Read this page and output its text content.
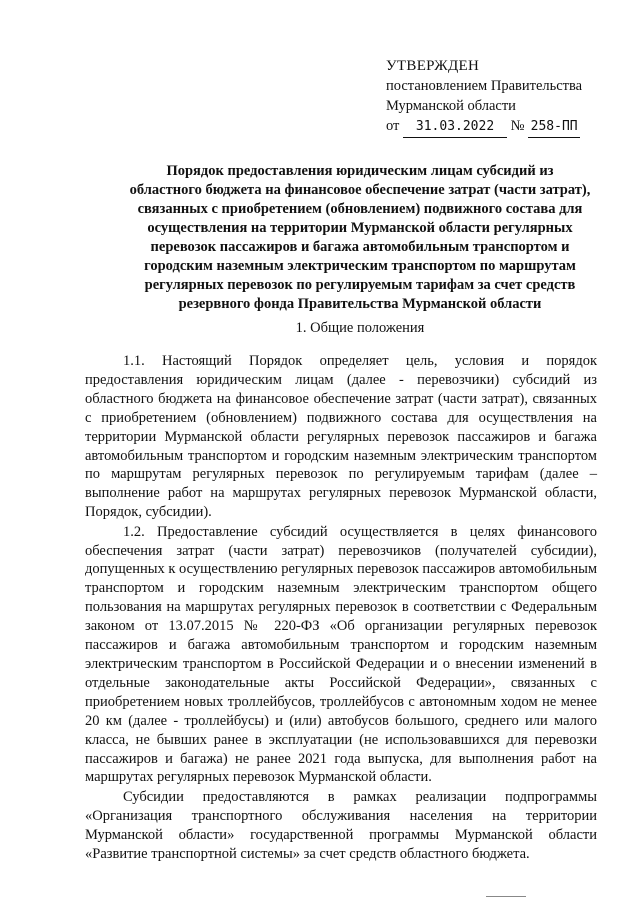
УТВЕРЖДЕН
постановлением Правительства
Мурманской области
от 31.03.2022 № 258-ПП
Порядок предоставления юридическим лицам субсидий из
областного бюджета на финансовое обеспечение затрат (части затрат),
связанных с приобретением (обновлением) подвижного состава для
осуществления на территории Мурманской области регулярных
перевозок пассажиров и багажа автомобильным транспортом и
городским наземным электрическим транспортом по маршрутам
регулярных перевозок по регулируемым тарифам за счет средств
резервного фонда Правительства Мурманской области
1. Общие положения

1.1. Настоящий Порядок определяет цель, условия и порядок предоставления юридическим лицам (далее - перевозчики) субсидий из областного бюджета на финансовое обеспечение затрат (части затрат), связанных с приобретением (обновлением) подвижного состава для осуществления на территории Мурманской области регулярных перевозок пассажиров и багажа автомобильным транспортом и городским наземным электрическим транспортом по маршрутам регулярных перевозок по регулируемым тарифам (далее – выполнение работ на маршрутах регулярных перевозок Мурманской области, Порядок, субсидии).

1.2. Предоставление субсидий осуществляется в целях финансового обеспечения затрат (части затрат) перевозчиков (получателей субсидии), допущенных к осуществлению регулярных перевозок пассажиров автомобильным транспортом и городским наземным электрическим транспортом общего пользования на маршрутах регулярных перевозок в соответствии с Федеральным законом от 13.07.2015 № 220-ФЗ «Об организации регулярных перевозок пассажиров и багажа автомобильным транспортом и городским наземным электрическим транспортом в Российской Федерации и о внесении изменений в отдельные законодательные акты Российской Федерации», связанных с приобретением новых троллейбусов, троллейбусов с автономным ходом не менее 20 км (далее - троллейбусы) и (или) автобусов большого, среднего или малого класса, не бывших ранее в эксплуатации (не использовавшихся для перевозки пассажиров и багажа) не ранее 2021 года выпуска, для выполнения работ на маршрутах регулярных перевозок Мурманской области.

Субсидии предоставляются в рамках реализации подпрограммы «Организация транспортного обслуживания населения на территории Мурманской области» государственной программы Мурманской области «Развитие транспортной системы» за счет средств областного бюджета.
